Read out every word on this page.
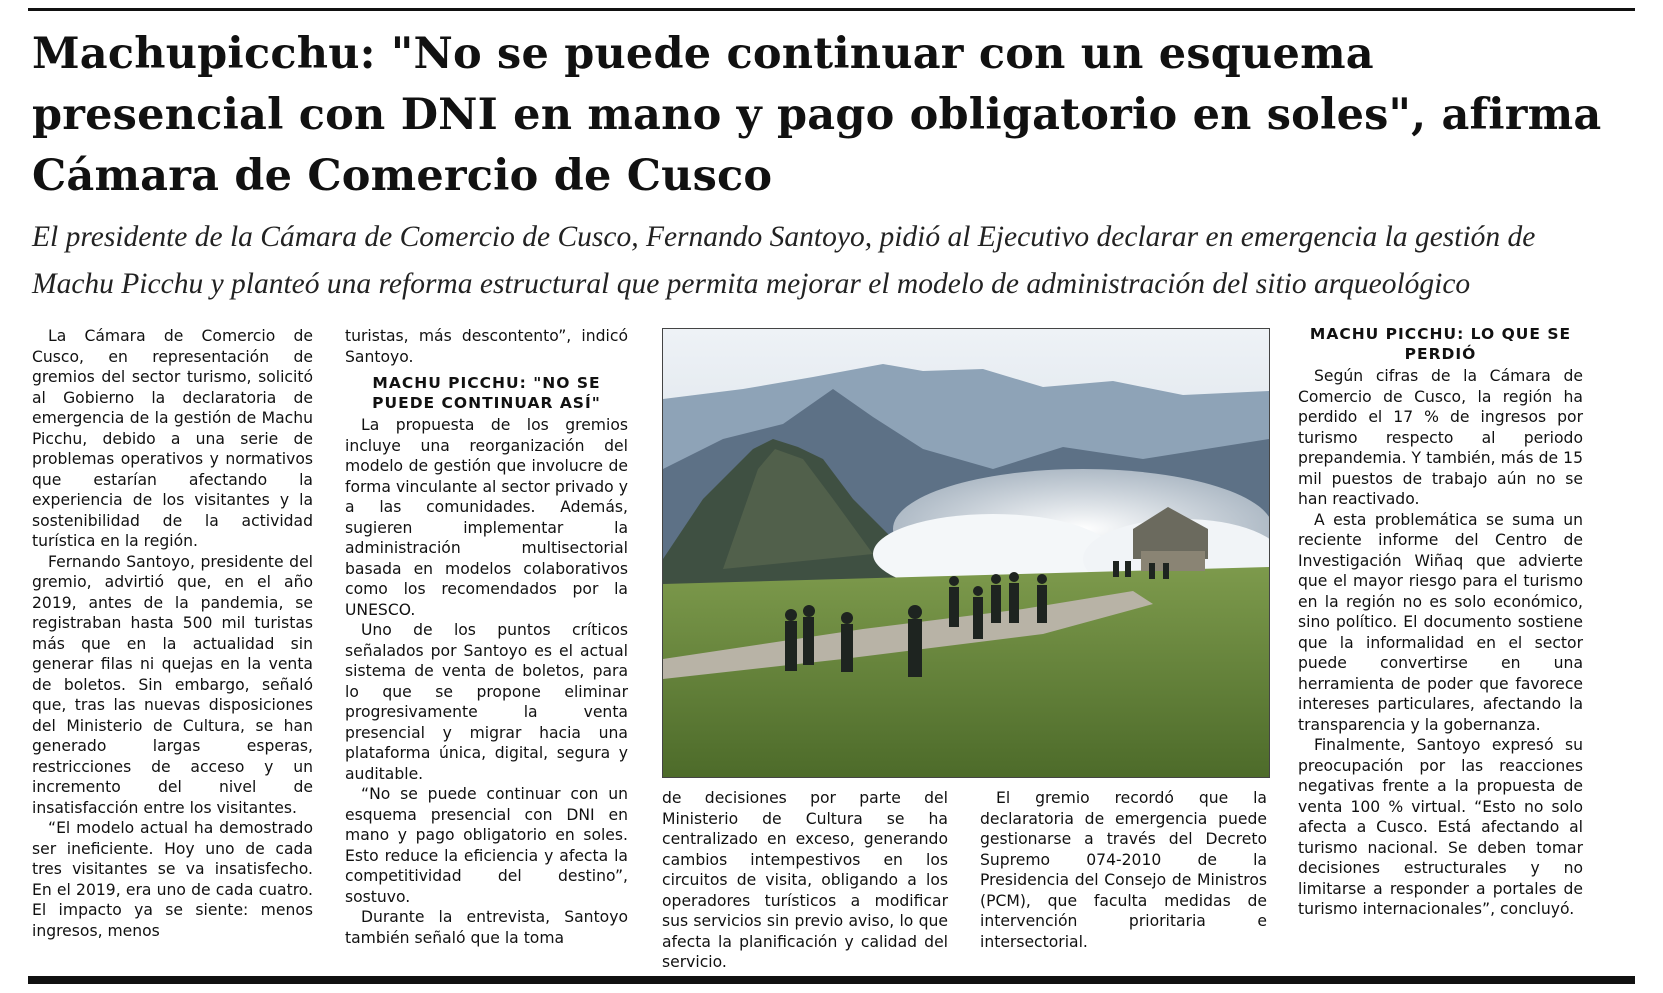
Machupicchu: "No se puede continuar con un esquema presencial con DNI en mano y pago obligatorio en soles", afirma Cámara de Comercio de Cusco

El presidente de la Cámara de Comercio de Cusco, Fernando Santoyo, pidió al Ejecutivo declarar en emergencia la gestión de Machu Picchu y planteó una reforma estructural que permita mejorar el modelo de administración del sitio arqueológico

La Cámara de Comercio de Cusco, en representación de gremios del sector turismo, solicitó al Gobierno la declaratoria de emergencia de la gestión de Machu Picchu, debido a una serie de problemas operativos y normativos que estarían afectando la experiencia de los visitantes y la sostenibilidad de la actividad turística en la región.

Fernando Santoyo, presidente del gremio, advirtió que, en el año 2019, antes de la pandemia, se registraban hasta 500 mil turistas más que en la actualidad sin generar filas ni quejas en la venta de boletos. Sin embargo, señaló que, tras las nuevas disposiciones del Ministerio de Cultura, se han generado largas esperas, restricciones de acceso y un incremento del nivel de insatisfacción entre los visitantes.

“El modelo actual ha demostrado ser ineficiente. Hoy uno de cada tres visitantes se va insatisfecho. En el 2019, era uno de cada cuatro. El impacto ya se siente: menos ingresos, menos

turistas, más descontento”, indicó Santoyo.

MACHU PICCHU: "NO SE PUEDE CONTINUAR ASÍ"

La propuesta de los gremios incluye una reorganización del modelo de gestión que involucre de forma vinculante al sector privado y a las comunidades. Además, sugieren implementar la administración multisectorial basada en modelos colaborativos como los recomendados por la UNESCO.

Uno de los puntos críticos señalados por Santoyo es el actual sistema de venta de boletos, para lo que se propone eliminar progresivamente la venta presencial y migrar hacia una plataforma única, digital, segura y auditable.

“No se puede continuar con un esquema presencial con DNI en mano y pago obligatorio en soles. Esto reduce la eficiencia y afecta la competitividad del destino”, sostuvo.

Durante la entrevista, Santoyo también señaló que la toma

de decisiones por parte del Ministerio de Cultura se ha centralizado en exceso, generando cambios intempestivos en los circuitos de visita, obligando a los operadores turísticos a modificar sus servicios sin previo aviso, lo que afecta la planificación y calidad del servicio.

El gremio recordó que la declaratoria de emergencia puede gestionarse a través del Decreto Supremo 074-2010 de la Presidencia del Consejo de Ministros (PCM), que faculta medidas de intervención prioritaria e intersectorial.

MACHU PICCHU: LO QUE SE PERDIÓ

Según cifras de la Cámara de Comercio de Cusco, la región ha perdido el 17 % de ingresos por turismo respecto al periodo prepandemia. Y también, más de 15 mil puestos de trabajo aún no se han reactivado.

A esta problemática se suma un reciente informe del Centro de Investigación Wiñaq que advierte que el mayor riesgo para el turismo en la región no es solo económico, sino político. El documento sostiene que la informalidad en el sector puede convertirse en una herramienta de poder que favorece intereses particulares, afectando la transparencia y la gobernanza.

Finalmente, Santoyo expresó su preocupación por las reacciones negativas frente a la propuesta de venta 100 % virtual. “Esto no solo afecta a Cusco. Está afectando al turismo nacional. Se deben tomar decisiones estructurales y no limitarse a responder a portales de turismo internacionales”, concluyó.
